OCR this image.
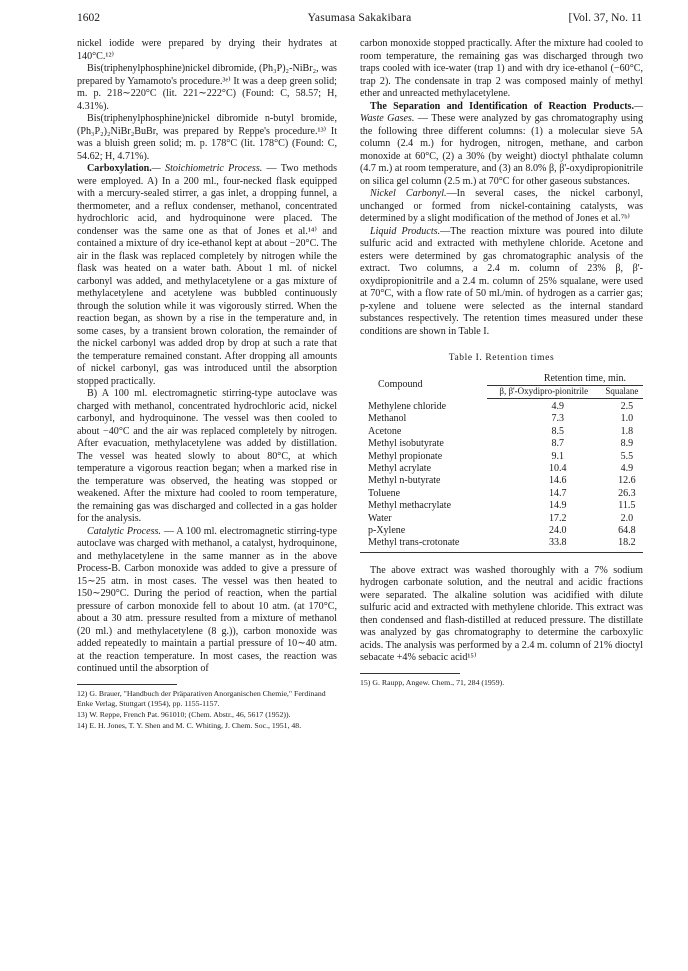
1602	Yasumasa Sakakibara	[Vol. 37, No. 11

nickel iodide were prepared by drying their hydrates at 140°C.¹²⁾

Bis(triphenylphosphine)nickel dibromide, (Ph₃P)₂-NiBr₂, was prepared by Yamamoto's procedure.³ᵉ⁾ It was a deep green solid; m. p. 218∼220°C (lit. 221∼222°C) (Found: C, 58.57; H, 4.31%).

Bis(triphenylphosphine)nickel dibromide n-butyl bromide, (Ph₃P₂)₂NiBr₂BuBr, was prepared by Reppe's procedure.¹³⁾ It was a bluish green solid; m. p. 178°C (lit. 178°C) (Found: C, 54.62; H, 4.71%).

Carboxylation.— Stoichiometric Process. — Two methods were employed. A) In a 200 ml., four-necked flask equipped with a mercury-sealed stirrer, a gas inlet, a dropping funnel, a thermometer, and a reflux condenser, methanol, concentrated hydrochloric acid, and hydroquinone were placed. The condenser was the same one as that of Jones et al.¹⁴⁾ and contained a mixture of dry ice-ethanol kept at about −20°C. The air in the flask was replaced completely by nitrogen while the flask was heated on a water bath. About 1 ml. of nickel carbonyl was added, and methylacetylene or a gas mixture of methylacetylene and acetylene was bubbled continuously through the solution while it was vigorously stirred. When the reaction began, as shown by a rise in the temperature and, in some cases, by a transient brown coloration, the remainder of the nickel carbonyl was added drop by drop at such a rate that the temperature remained constant. After dropping all amounts of nickel carbonyl, gas was introduced until the absorption stopped practically.

B) A 100 ml. electromagnetic stirring-type autoclave was charged with methanol, concentrated hydrochloric acid, nickel carbonyl, and hydroquinone. The vessel was then cooled to about −40°C and the air was replaced completely by nitrogen. After evacuation, methylacetylene was added by distillation. The vessel was heated slowly to about 80°C, at which temperature a vigorous reaction began; when a marked rise in the temperature was observed, the heating was stopped or weakened. After the mixture had cooled to room temperature, the remaining gas was discharged and collected in a gas holder for the analysis.

Catalytic Process. — A 100 ml. electromagnetic stirring-type autoclave was charged with methanol, a catalyst, hydroquinone, and methylacetylene in the same manner as in the above Process-B. Carbon monoxide was added to give a pressure of 15∼25 atm. in most cases. The vessel was then heated to 150∼290°C. During the period of reaction, when the partial pressure of carbon monoxide fell to about 10 atm. (at 170°C, about a 30 atm. pressure resulted from a mixture of methanol (20 ml.) and methylacetylene (8 g.)), carbon monoxide was added repeatedly to maintain a partial pressure of 10∼40 atm. at the reaction temperature. In most cases, the reaction was continued until the absorption of

12) G. Brauer, "Handbuch der Präparativen Anorganischen Chemie," Ferdinand Enke Verlag, Stuttgart (1954), pp. 1155-1157.

13) W. Reppe, French Pat. 961010; (Chem. Abstr., 46, 5617 (1952)).

14) E. H. Jones, T. Y. Shen and M. C. Whiting, J. Chem. Soc., 1951, 48.

carbon monoxide stopped practically. After the mixture had cooled to room temperature, the remaining gas was discharged through two traps cooled with ice-water (trap 1) and with dry ice-ethanol (−60°C, trap 2). The condensate in trap 2 was composed mainly of methyl ether and unreacted methylacetylene.

The Separation and Identification of Reaction Products.—Waste Gases. — These were analyzed by gas chromatography using the following three different columns: (1) a molecular sieve 5A column (2.4 m.) for hydrogen, nitrogen, methane, and carbon monoxide at 60°C, (2) a 30% (by weight) dioctyl phthalate column (4.7 m.) at room temperature, and (3) an 8.0% β, β'-oxydipropionitrile on silica gel column (2.5 m.) at 70°C for other gaseous substances.

Nickel Carbonyl.—In several cases, the nickel carbonyl, unchanged or formed from nickel-containing catalysts, was determined by a slight modification of the method of Jones et al.⁷ᵇ⁾

Liquid Products.—The reaction mixture was poured into dilute sulfuric acid and extracted with methylene chloride. Acetone and esters were determined by gas chromatographic analysis of the extract. Two columns, a 2.4 m. column of 23% β, β'-oxydipropionitrile and a 2.4 m. column of 25% squalane, were used at 70°C, with a flow rate of 50 ml./min. of hydrogen as a carrier gas; p-xylene and toluene were selected as the internal standard substances respectively. The retention times measured under these conditions are shown in Table I.

Table I. Retention times
Compound	Retention time, min.	
	β, β'-Oxydipro-pionitrile	Squalane
Methylene chloride	4.9	2.5
Methanol	7.3	1.0
Acetone	8.5	1.8
Methyl isobutyrate	8.7	8.9
Methyl propionate	9.1	5.5
Methyl acrylate	10.4	4.9
Methyl n-butyrate	14.6	12.6
Toluene	14.7	26.3
Methyl methacrylate	14.9	11.5
Water	17.2	2.0
p-Xylene	24.0	64.8
Methyl trans-crotonate	33.8	18.2

The above extract was washed thoroughly with a 7% sodium hydrogen carbonate solution, and the neutral and acidic fractions were separated. The alkaline solution was acidified with dilute sulfuric acid and extracted with methylene chloride. This extract was then condensed and flash-distilled at reduced pressure. The distillate was analyzed by gas chromatography to determine the carboxylic acids. The analysis was performed by a 2.4 m. column of 21% dioctyl sebacate +4% sebacic acid¹⁵⁾

15) G. Raupp, Angew. Chem., 71, 284 (1959).
